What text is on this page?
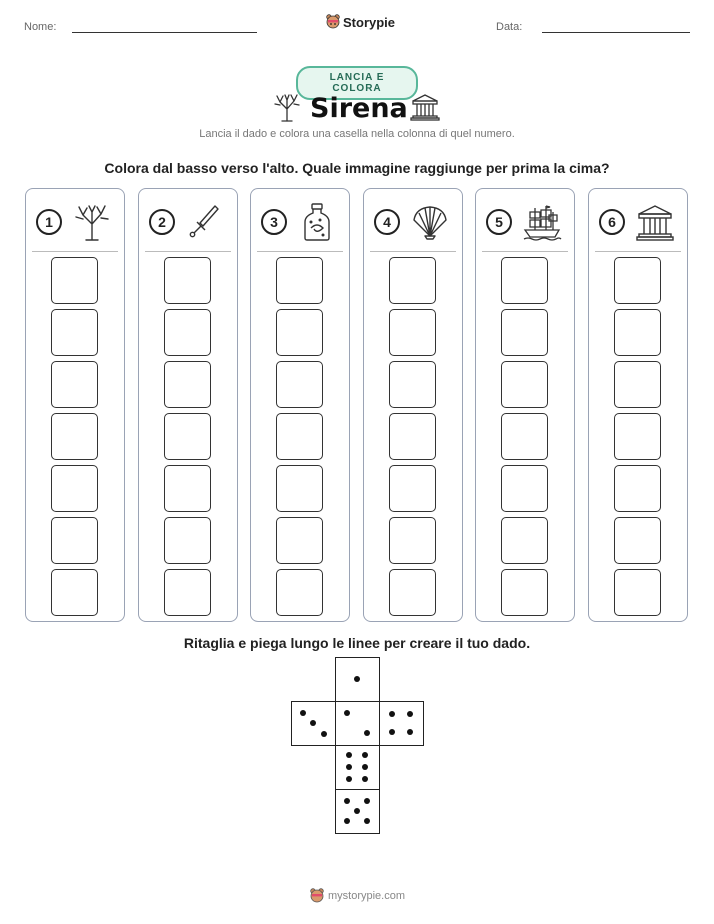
Nome:	Storypie	Data:
LANCIA E COLORA
Sirena
Lancia il dado e colora una casella nella colonna di quel numero.
Colora dal basso verso l'alto. Quale immagine raggiunge per prima la cima?
1	2	3	4	5	6
Ritaglia e piega lungo le linee per creare il tuo dado.
mystorypie.com
